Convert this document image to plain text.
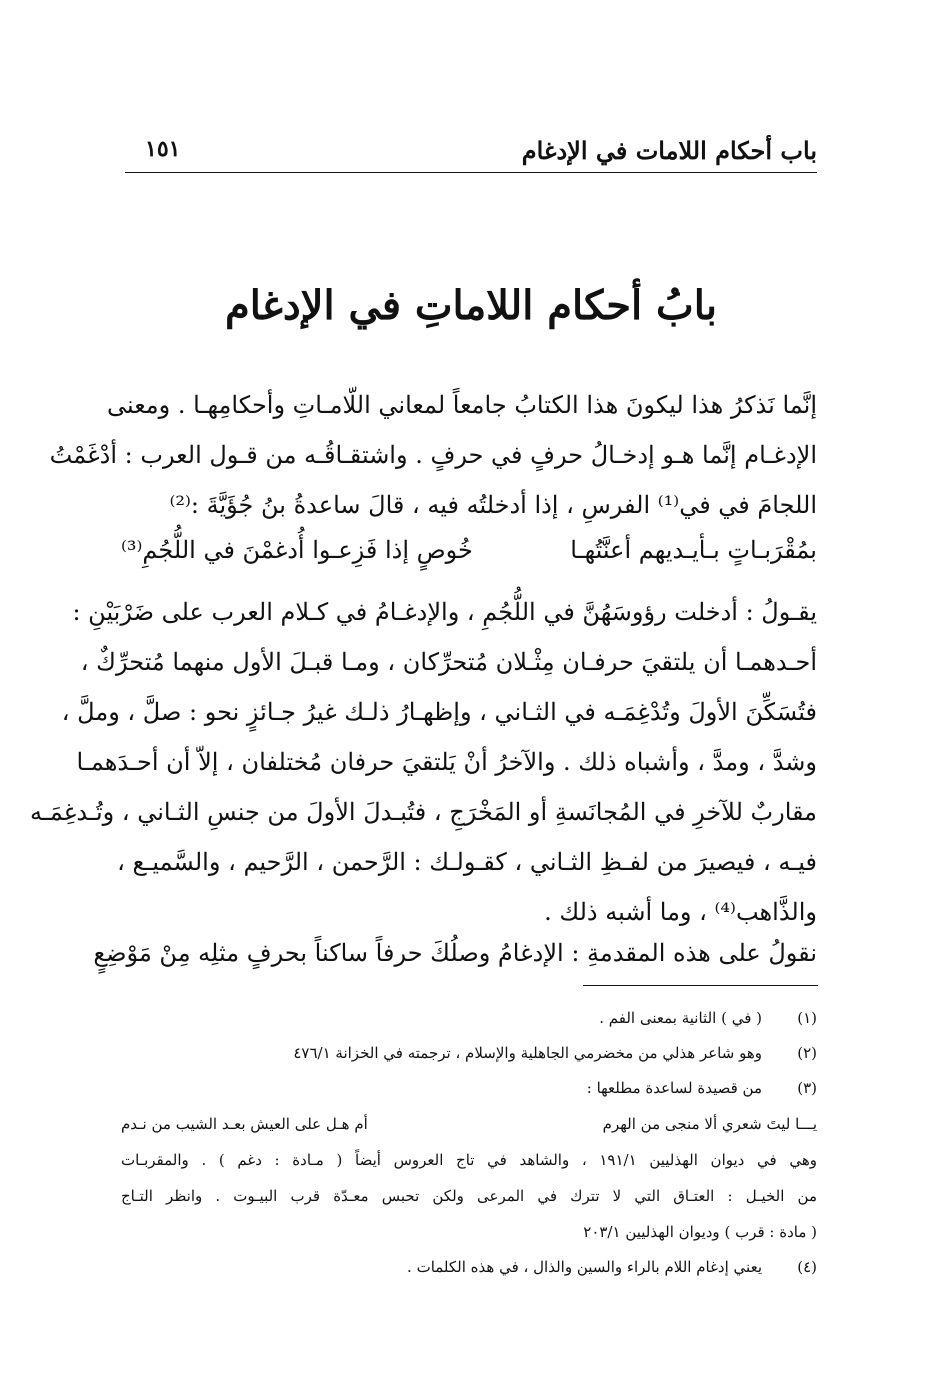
باب أحكام اللامات في الإدغام
١٥١
بابُ أحكام اللاماتِ في الإدغام
إنَّما نَذكرُ هذا ليكونَ هذا الكتابُ جامعاً لمعاني اللّامـاتِ وأحكامِهـا . ومعنى
الإدغـام إنَّما هـو إدخـالُ حرفٍ في حرفٍ . واشتقـاقُـه من قـول العرب : أدْغَمْتُ
اللجامَ في في⁽¹⁾ الفرسِ ، إذا أدخلتُه فيه ، قالَ ساعدةُ بنُ جُؤَيَّةَ :⁽²⁾
بمُقْرَبـاتٍ بـأيـديهم أعنَّتُهـا
خُوصٍ إذا فَزِعـوا أُدغمْنَ في اللُّجُمِ⁽³⁾
يقـولُ : أدخلت رؤوسَهُنَّ في اللُّجُمِ ، والإدغـامُ في كـلام العرب على ضَرْبَيْنِ :
أحـدهمـا أن يلتقيَ حرفـان مِثْـلان مُتحرِّكان ، ومـا قبـلَ الأول منهما مُتحرِّكٌ ،
فتُسَكِّنَ الأولَ وتُدْغِمَـه في الثـاني ، وإظهـارُ ذلـك غيرُ جـائزٍ نحو : صلَّ ، وملَّ ،
وشدَّ ، ومدَّ ، وأشباه ذلك . والآخرُ أنْ يَلتقيَ حرفان مُختلفان ، إلاّ أن أحـدَهمـا
مقاربٌ للآخرِ في المُجانَسةِ أو المَخْرَجِ ، فتُبـدلَ الأولَ من جنسِ الثـاني ، وتُـدغِمَـه
فيـه ، فيصيرَ من لفـظِ الثـاني ، كقـولـك : الرَّحمن ، الرَّحيم ، والسَّميـع ،
والذَّاهب⁽⁴⁾ ، وما أشبه ذلك .
نقولُ على هذه المقدمةِ : الإدغامُ وصلُكَ حرفاً ساكناً بحرفٍ مثلِه مِنْ مَوْضِعٍ
(١)
( في ) الثانية بمعنى الفم .
(٢)
وهو شاعر هذلي من مخضرمي الجاهلية والإسلام ، ترجمته في الخزانة ٤٧٦/١
(٣)
من قصيدة لساعدة مطلعها :
يـــا ليتَ شعري ألا منجى من الهرم
أم هـل على العيش بعـد الشيب من نـدم
وهي في ديوان الهذليين ١٩١/١ ، والشاهد في تاج العروس أيضاً ( مـادة : دغم ) . والمقربـات
من الخيـل : العتـاق التي لا تترك في المرعى ولكن تحبس معـدّة قرب البيـوت . وانظر التـاج
( مادة : قرب ) وديوان الهذليين ٢٠٣/١
(٤)
يعني إدغام اللام بالراء والسين والذال ، في هذه الكلمات .
